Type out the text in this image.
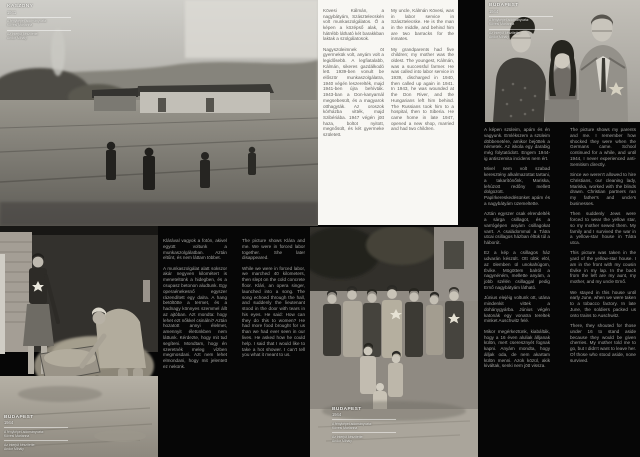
KASZONY
1941

A fényképet adományozta:

Kövesi Marianna

Az interjút készítette:

Andor Mihály

Kövesi Kálmán, a nagybátyám, Szásztelecskén volt munkaszolgálatos. Ő a képen a középső alak, a hátrébb látható két barakkban laktak a szolgálatosok.

Nagyszüleimnek öt gyermekük volt, anyám volt a legidősebb. A legfiatalabb, Kálmán, sikeres gazdálkodó lett. 1939-ben vonult be először munkaszolgálatra, 1940 végén leszerelték, majd 1941-ben újra behívták. 1943-ban a Don-kanyarnál megsebesült, és a magyarok otthagyták. Az oroszok kórházba vitték, majd Szibériába. 1947 végén jött haza, boltot nyitott, megnősült, és két gyermeke született.

My uncle, Kálmán Kövesi, was in labor service in Szásztelecske. He is the man in the middle, and behind him are two barracks for the inmates.

My grandparents had five children; my mother was the oldest. The youngest, Kálmán, was a successful farmer. He was called into labor service in 1939, discharged in 1940, then called up again in 1941. In 1943, he was wounded at the Don River, and the Hungarians left him behind. The Russians took him to a hospital, then to Siberia. He came home in late 1947, opened a new shop, married and had two children.

BUDAPEST
1944

A fényképet adományozta:

Kövesi Marianna

Az interjút készítette:

Andor Mihály

A képen szüleim, apám és én vagyunk. Emlékszem a szüleim döbbenetére, amikor bejöttek a németek. Az iskola egy darabig még folytatódott. Engem 1944-ig antiszemita incidens nem ért.

Mivel nem volt szabad keresztény alkalmazottat tartani, a takarítónőnk, Mariska, lehúzott redőny mellett dolgozott. Papírkereskedésünket apám és a nagybátyám üzemeltette.

Aztán egyszer csak elrendelték a sárga csillagot, és a varrógépen anyám csillagokat varrt. A családommal a Tátra utcai csillagos házban éltük túl a háborút.

Ez a kép a csillagos ház udvarán készült. Ott ülök elöl, az ölemben ül unokahúgom, Évike. Mögöttem balról a nagynéném, mellette anyám, a jobb szélén csillaggal pedig Ernő nagybátyám látható.

Június elejéig voltunk ott, utána mindenkit vittek a dohánygyárba. Június végén katonák egy vonatra tereltek minket Auschwitz felé.

Mikor megérkeztünk, kiabálták, hogy a 16 éven aluliak álljanak külön, mert cseresznyét fognak kapni. Anyám mondta, hogy álljak oda, de nem akartam külön menni. Azok közül, akik kiváltak, senki nem jött vissza.

The picture shows my parents and me. I remember how shocked they were when the Germans came. School continued for a while, and until 1944, I never experienced anti-Semitism directly.

Since we weren't allowed to hire Christians, our cleaning lady, Mariska, worked with the blinds drawn. Christian partners ran my father's and uncle's businesses.

Then suddenly Jews were forced to wear the yellow star, so my mother sewed them. My family and I survived the war in a yellow-star house in Tátra utca.

This picture was taken in the yard of the yellow-star house. I am in the front with my cousin Évike in my lap. In the back from the left are my aunt, my mother, and my uncle Ernő.

We stayed in this house until early June, when we were taken to a tobacco factory. In late June, the soldiers packed us onto trains to Auschwitz.

There, they shouted for those under 16 to stand aside because they would be given cherries. My mother told me to go, but I didn't want to leave her. Of those who stood aside, none survived.

BUDAPEST
1944

A fényképet adományozta:

Kövesi Marianna

Az interjút készítette:

Andor Mihály

Klárával vagyok a fotón, akivel együtt voltunk a munkaszolgálatban. Aztán eltűnt, és nem láttam többet.

A munkaszolgálat alatt sokszor akár negyven kilométert is meneteltünk a hidegben, és a csupasz betonon aludtunk. Egy operaénekesnő egyszer rázendített egy dalra. A hang betöltötte a termet, és a hadnagy könnyes szemmel állt az ajtóban. Azt mondta: hogy lehet ezt nőkkel csinálni? Aztán hozatott annyi élelmet, amennyit életünkben nem láttunk. Kérdezte, hogy mit tud segíteni. Mondtam, hogy én szeretnék meleg vízben megmosdani. Azt nem lehet elmondani, hogy mit jelentett ez nekünk.

The picture shows Klára and me. We were in forced labor together. She later disappeared.

While we were in forced labor, we marched 40 kilometers, then slept on the cold concrete floor. Klári, an opera singer, launched into a song. The song echoed through the hall, and suddenly the lieutenant stood in the door with tears in his eyes. He said: How can they do this to women? He had more food brought for us than we had ever seen in our lives. He asked how he could help. I said that I would like to take a hot shower. I can't tell you what it meant to us.

BUDAPEST
1944

A fényképet adományozta:

Kövesi Marianna

Az interjút készítette:

Andor Mihály
